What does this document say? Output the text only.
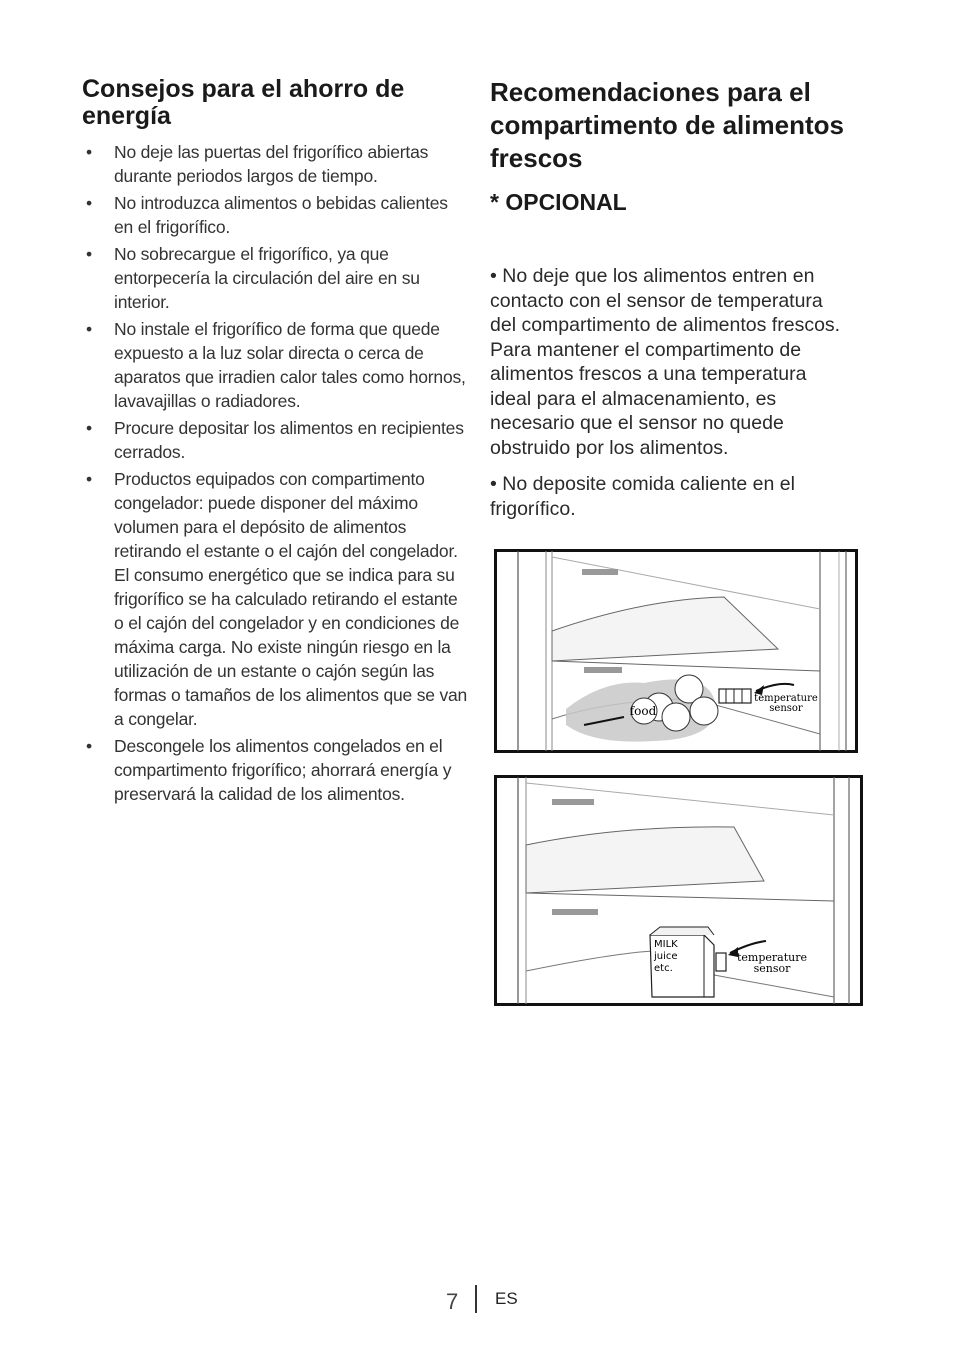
Consejos para el ahorro de energía
• No deje las puertas del frigorífico abiertas durante periodos largos de tiempo.
• No introduzca alimentos o bebidas calientes en el frigorífico.
• No sobrecargue el frigorífico, ya que entorpecería la circulación del aire en su interior.
• No instale el frigorífico de forma que quede expuesto a la luz solar directa o cerca de aparatos que irradien calor tales como hornos, lavavajillas o radiadores.
• Procure depositar los alimentos en recipientes cerrados.
• Productos equipados con compartimento congelador: puede disponer del máximo volumen para el depósito de alimentos retirando el estante o el cajón del congelador. El consumo energético que se indica para su frigorífico se ha calculado retirando el estante o el cajón del congelador y en condiciones de máxima carga. No existe ningún riesgo en la utilización de un estante o cajón según las formas o tamaños de los alimentos que se van a congelar.
• Descongele los alimentos congelados en el compartimento frigorífico; ahorrará energía y preservará la calidad de los alimentos.
Recomendaciones para el compartimento de alimentos frescos
* OPCIONAL

• No deje que los alimentos entren en contacto con el sensor de temperatura del compartimento de alimentos frescos. Para mantener el compartimento de alimentos frescos a una temperatura ideal para el almacenamiento, es necesario que el sensor no quede obstruido por los alimentos.

• No deposite comida caliente en el frigorífico.

temperature
sensor
food
MILK
juice
etc.
temperature
sensor
7 ES
